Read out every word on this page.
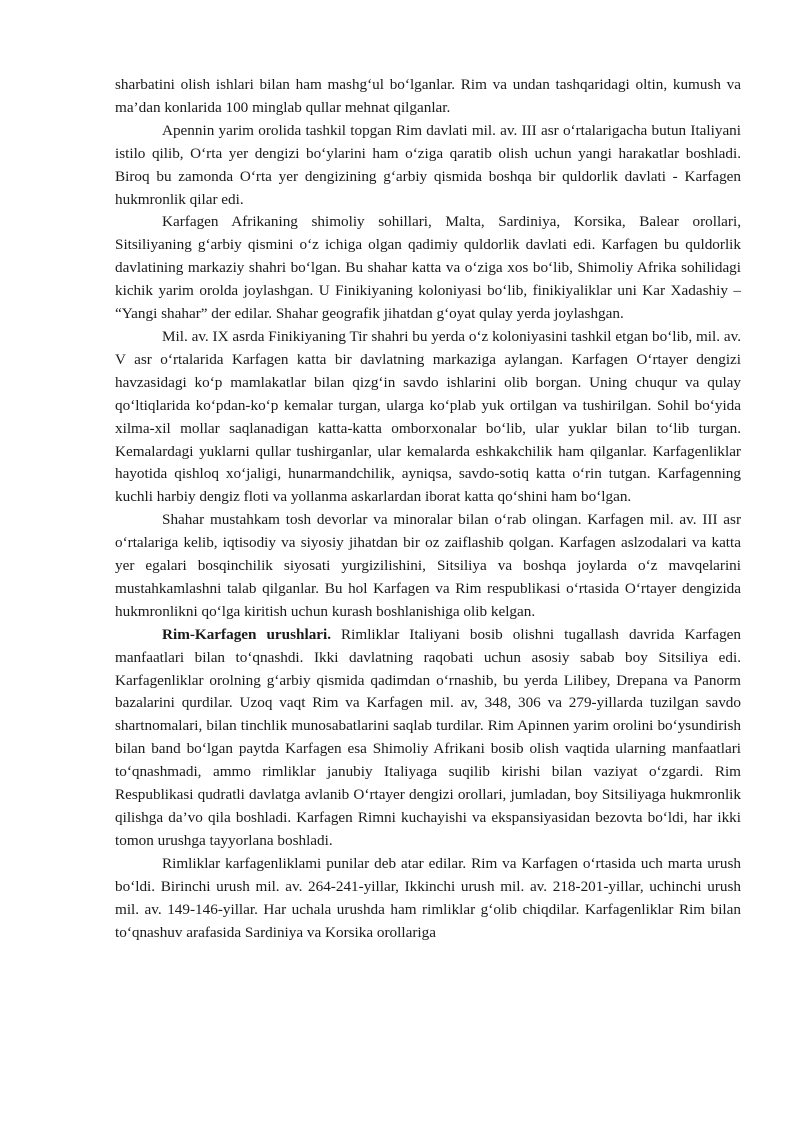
sharbatini olish ishlari bilan ham mashg‘ul bo‘lganlar. Rim va undan tashqaridagi oltin, kumush va ma’dan konlarida 100 minglab qullar mehnat qilganlar.

Apennin yarim orolida tashkil topgan Rim davlati mil. av. III asr o‘rtalarigacha butun Italiyani istilo qilib, O‘rta yer dengizi bo‘ylarini ham o‘ziga qaratib olish uchun yangi harakatlar boshladi. Biroq bu zamonda O‘rta yer dengizining g‘arbiy qismida boshqa bir quldorlik davlati - Karfagen hukmronlik qilar edi.

Karfagen Afrikaning shimoliy sohillari, Malta, Sardiniya, Korsika, Balear orollari, Sitsiliyaning g‘arbiy qismini o‘z ichiga olgan qadimiy quldorlik davlati edi. Karfagen bu quldorlik davlatining markaziy shahri bo‘lgan. Bu shahar katta va o‘ziga xos bo‘lib, Shimoliy Afrika sohilidagi kichik yarim orolda joylashgan. U Finikiyaning koloniyasi bo‘lib, finikiyaliklar uni Kar Xadashiy – “Yangi shahar” der edilar. Shahar geografik jihatdan g‘oyat qulay yerda joylashgan.

Mil. av. IX asrda Finikiyaning Tir shahri bu yerda o‘z koloniyasini tashkil etgan bo‘lib, mil. av. V asr o‘rtalarida Karfagen katta bir davlatning markaziga aylangan. Karfagen O‘rtayer dengizi havzasidagi ko‘p mamlakatlar bilan qizg‘in savdo ishlarini olib borgan. Uning chuqur va qulay qo‘ltiqlarida ko‘pdan-ko‘p kemalar turgan, ularga ko‘plab yuk ortilgan va tushirilgan. Sohil bo‘yida xilma-xil mollar saqlanadigan katta-katta omborxonalar bo‘lib, ular yuklar bilan to‘lib turgan. Kemalardagi yuklarni qullar tushirganlar, ular kemalarda eshkakchilik ham qilganlar. Karfagenliklar hayotida qishloq xo‘jaligi, hunarmandchilik, ayniqsa, savdo-sotiq katta o‘rin tutgan. Karfagenning kuchli harbiy dengiz floti va yollanma askarlardan iborat katta qo‘shini ham bo‘lgan.

Shahar mustahkam tosh devorlar va minoralar bilan o‘rab olingan. Karfagen mil. av. III asr o‘rtalariga kelib, iqtisodiy va siyosiy jihatdan bir oz zaiflashib qolgan. Karfagen aslzodalari va katta yer egalari bosqinchilik siyosati yurgizilishini, Sitsiliya va boshqa joylarda o‘z mavqelarini mustahkamlashni talab qilganlar. Bu hol Karfagen va Rim respublikasi o‘rtasida O‘rtayer dengizida hukmronlikni qo‘lga kiritish uchun kurash boshlanishiga olib kelgan.

Rim-Karfagen urushlari. Rimliklar Italiyani bosib olishni tugallash davrida Karfagen manfaatlari bilan to‘qnashdi. Ikki davlatning raqobati uchun asosiy sabab boy Sitsiliya edi. Karfagenliklar orolning g‘arbiy qismida qadimdan o‘rnashib, bu yerda Lilibey, Drepana va Panorm bazalarini qurdilar. Uzoq vaqt Rim va Karfagen mil. av, 348, 306 va 279-yillarda tuzilgan savdo shartnomalari, bilan tinchlik munosabatlarini saqlab turdilar. Rim Apinnen yarim orolini bo‘ysundirish bilan band bo‘lgan paytda Karfagen esa Shimoliy Afrikani bosib olish vaqtida ularning manfaatlari to‘qnashmadi, ammo rimliklar janubiy Italiyaga suqilib kirishi bilan vaziyat o‘zgardi. Rim Respublikasi qudratli davlatga avlanib O‘rtayer dengizi orollari, jumladan, boy Sitsiliyaga hukmronlik qilishga da’vo qila boshladi. Karfagen Rimni kuchayishi va ekspansiyasidan bezovta bo‘ldi, har ikki tomon urushga tayyorlana boshladi.

Rimliklar karfagenliklami punilar deb atar edilar. Rim va Karfagen o‘rtasida uch marta urush bo‘ldi. Birinchi urush mil. av. 264-241-yillar, Ikkinchi urush mil. av. 218-201-yillar, uchinchi urush mil. av. 149-146-yillar. Har uchala urushda ham rimliklar g‘olib chiqdilar. Karfagenliklar Rim bilan to‘qnashuv arafasida Sardiniya va Korsika orollariga
